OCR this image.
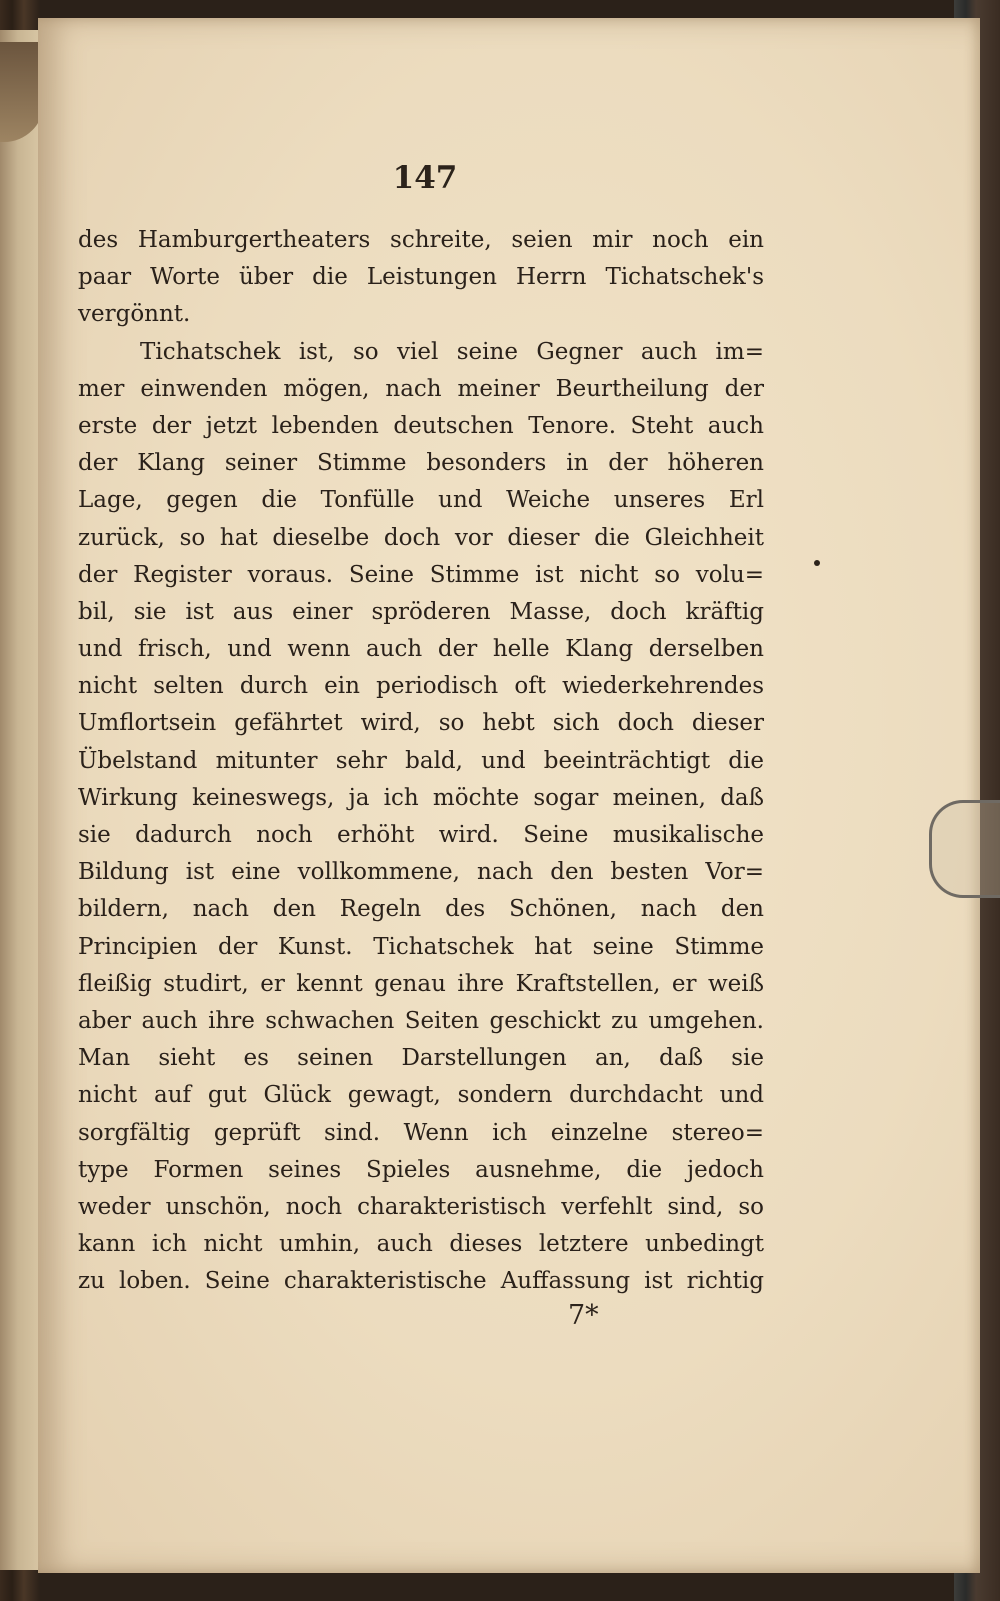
147
des Hamburgertheaters schreite, seien mir noch ein
paar Worte über die Leistungen Herrn Tichatschek's
vergönnt.
Tichatschek ist, so viel seine Gegner auch im=
mer einwenden mögen, nach meiner Beurtheilung der
erste der jetzt lebenden deutschen Tenore. Steht auch
der Klang seiner Stimme besonders in der höheren
Lage, gegen die Tonfülle und Weiche unseres Erl
zurück, so hat dieselbe doch vor dieser die Gleichheit
der Register voraus. Seine Stimme ist nicht so volu=
bil, sie ist aus einer spröderen Masse, doch kräftig
und frisch, und wenn auch der helle Klang derselben
nicht selten durch ein periodisch oft wiederkehrendes
Umflortsein gefährtet wird, so hebt sich doch dieser
Übelstand mitunter sehr bald, und beeinträchtigt die
Wirkung keineswegs, ja ich möchte sogar meinen, daß
sie dadurch noch erhöht wird. Seine musikalische
Bildung ist eine vollkommene, nach den besten Vor=
bildern, nach den Regeln des Schönen, nach den
Principien der Kunst. Tichatschek hat seine Stimme
fleißig studirt, er kennt genau ihre Kraftstellen, er weiß
aber auch ihre schwachen Seiten geschickt zu umgehen.
Man sieht es seinen Darstellungen an, daß sie
nicht auf gut Glück gewagt, sondern durchdacht und
sorgfältig geprüft sind. Wenn ich einzelne stereo=
type Formen seines Spieles ausnehme, die jedoch
weder unschön, noch charakteristisch verfehlt sind, so
kann ich nicht umhin, auch dieses letztere unbedingt
zu loben. Seine charakteristische Auffassung ist richtig
7*
